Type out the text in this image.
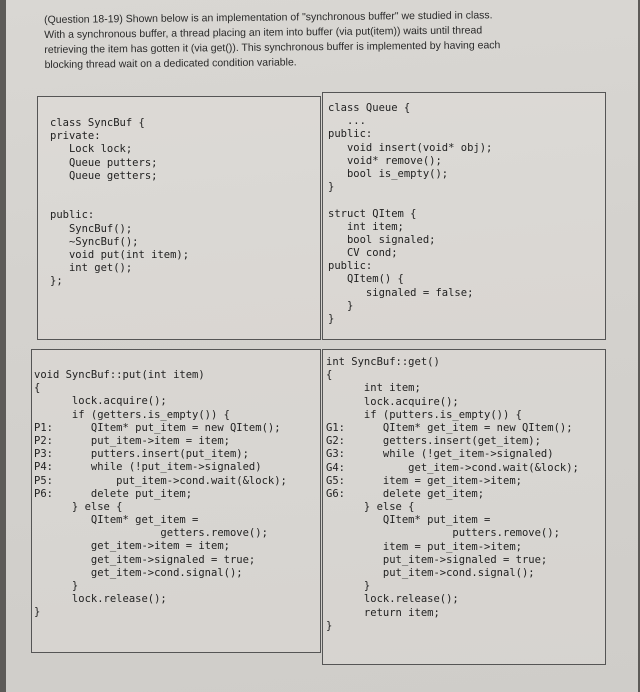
(Question 18-19) Shown below is an implementation of "synchronous buffer" we studied in class.

With a synchronous buffer, a thread placing an item into buffer (via put(item)) waits until thread

retrieving the item has gotten it (via get()). This synchronous buffer is implemented by having each

blocking thread wait on a dedicated condition variable.

class SyncBuf {
private:
Lock lock;
Queue putters;
Queue getters;
public:
SyncBuf();
~SyncBuf();
void put(int item);
int get();
};
class Queue {
...
public:
void insert(void* obj);
void* remove();
bool is_empty();
}
struct QItem {
int item;
bool signaled;
CV cond;
public:
QItem() {
signaled = false;
}
}
void SyncBuf::put(int item)
{
lock.acquire();
if (getters.is_empty()) {
P1:      QItem* put_item = new QItem();
P2:      put_item->item = item;
P3:      putters.insert(put_item);
P4:      while (!put_item->signaled)
P5:          put_item->cond.wait(&lock);
P6:      delete put_item;
} else {
QItem* get_item =
getters.remove();
get_item->item = item;
get_item->signaled = true;
get_item->cond.signal();
}
lock.release();
}
int SyncBuf::get()
{
int item;
lock.acquire();
if (putters.is_empty()) {
G1:      QItem* get_item = new QItem();
G2:      getters.insert(get_item);
G3:      while (!get_item->signaled)
G4:          get_item->cond.wait(&lock);
G5:      item = get_item->item;
G6:      delete get_item;
} else {
QItem* put_item =
putters.remove();
item = put_item->item;
put_item->signaled = true;
put_item->cond.signal();
}
lock.release();
return item;
}
